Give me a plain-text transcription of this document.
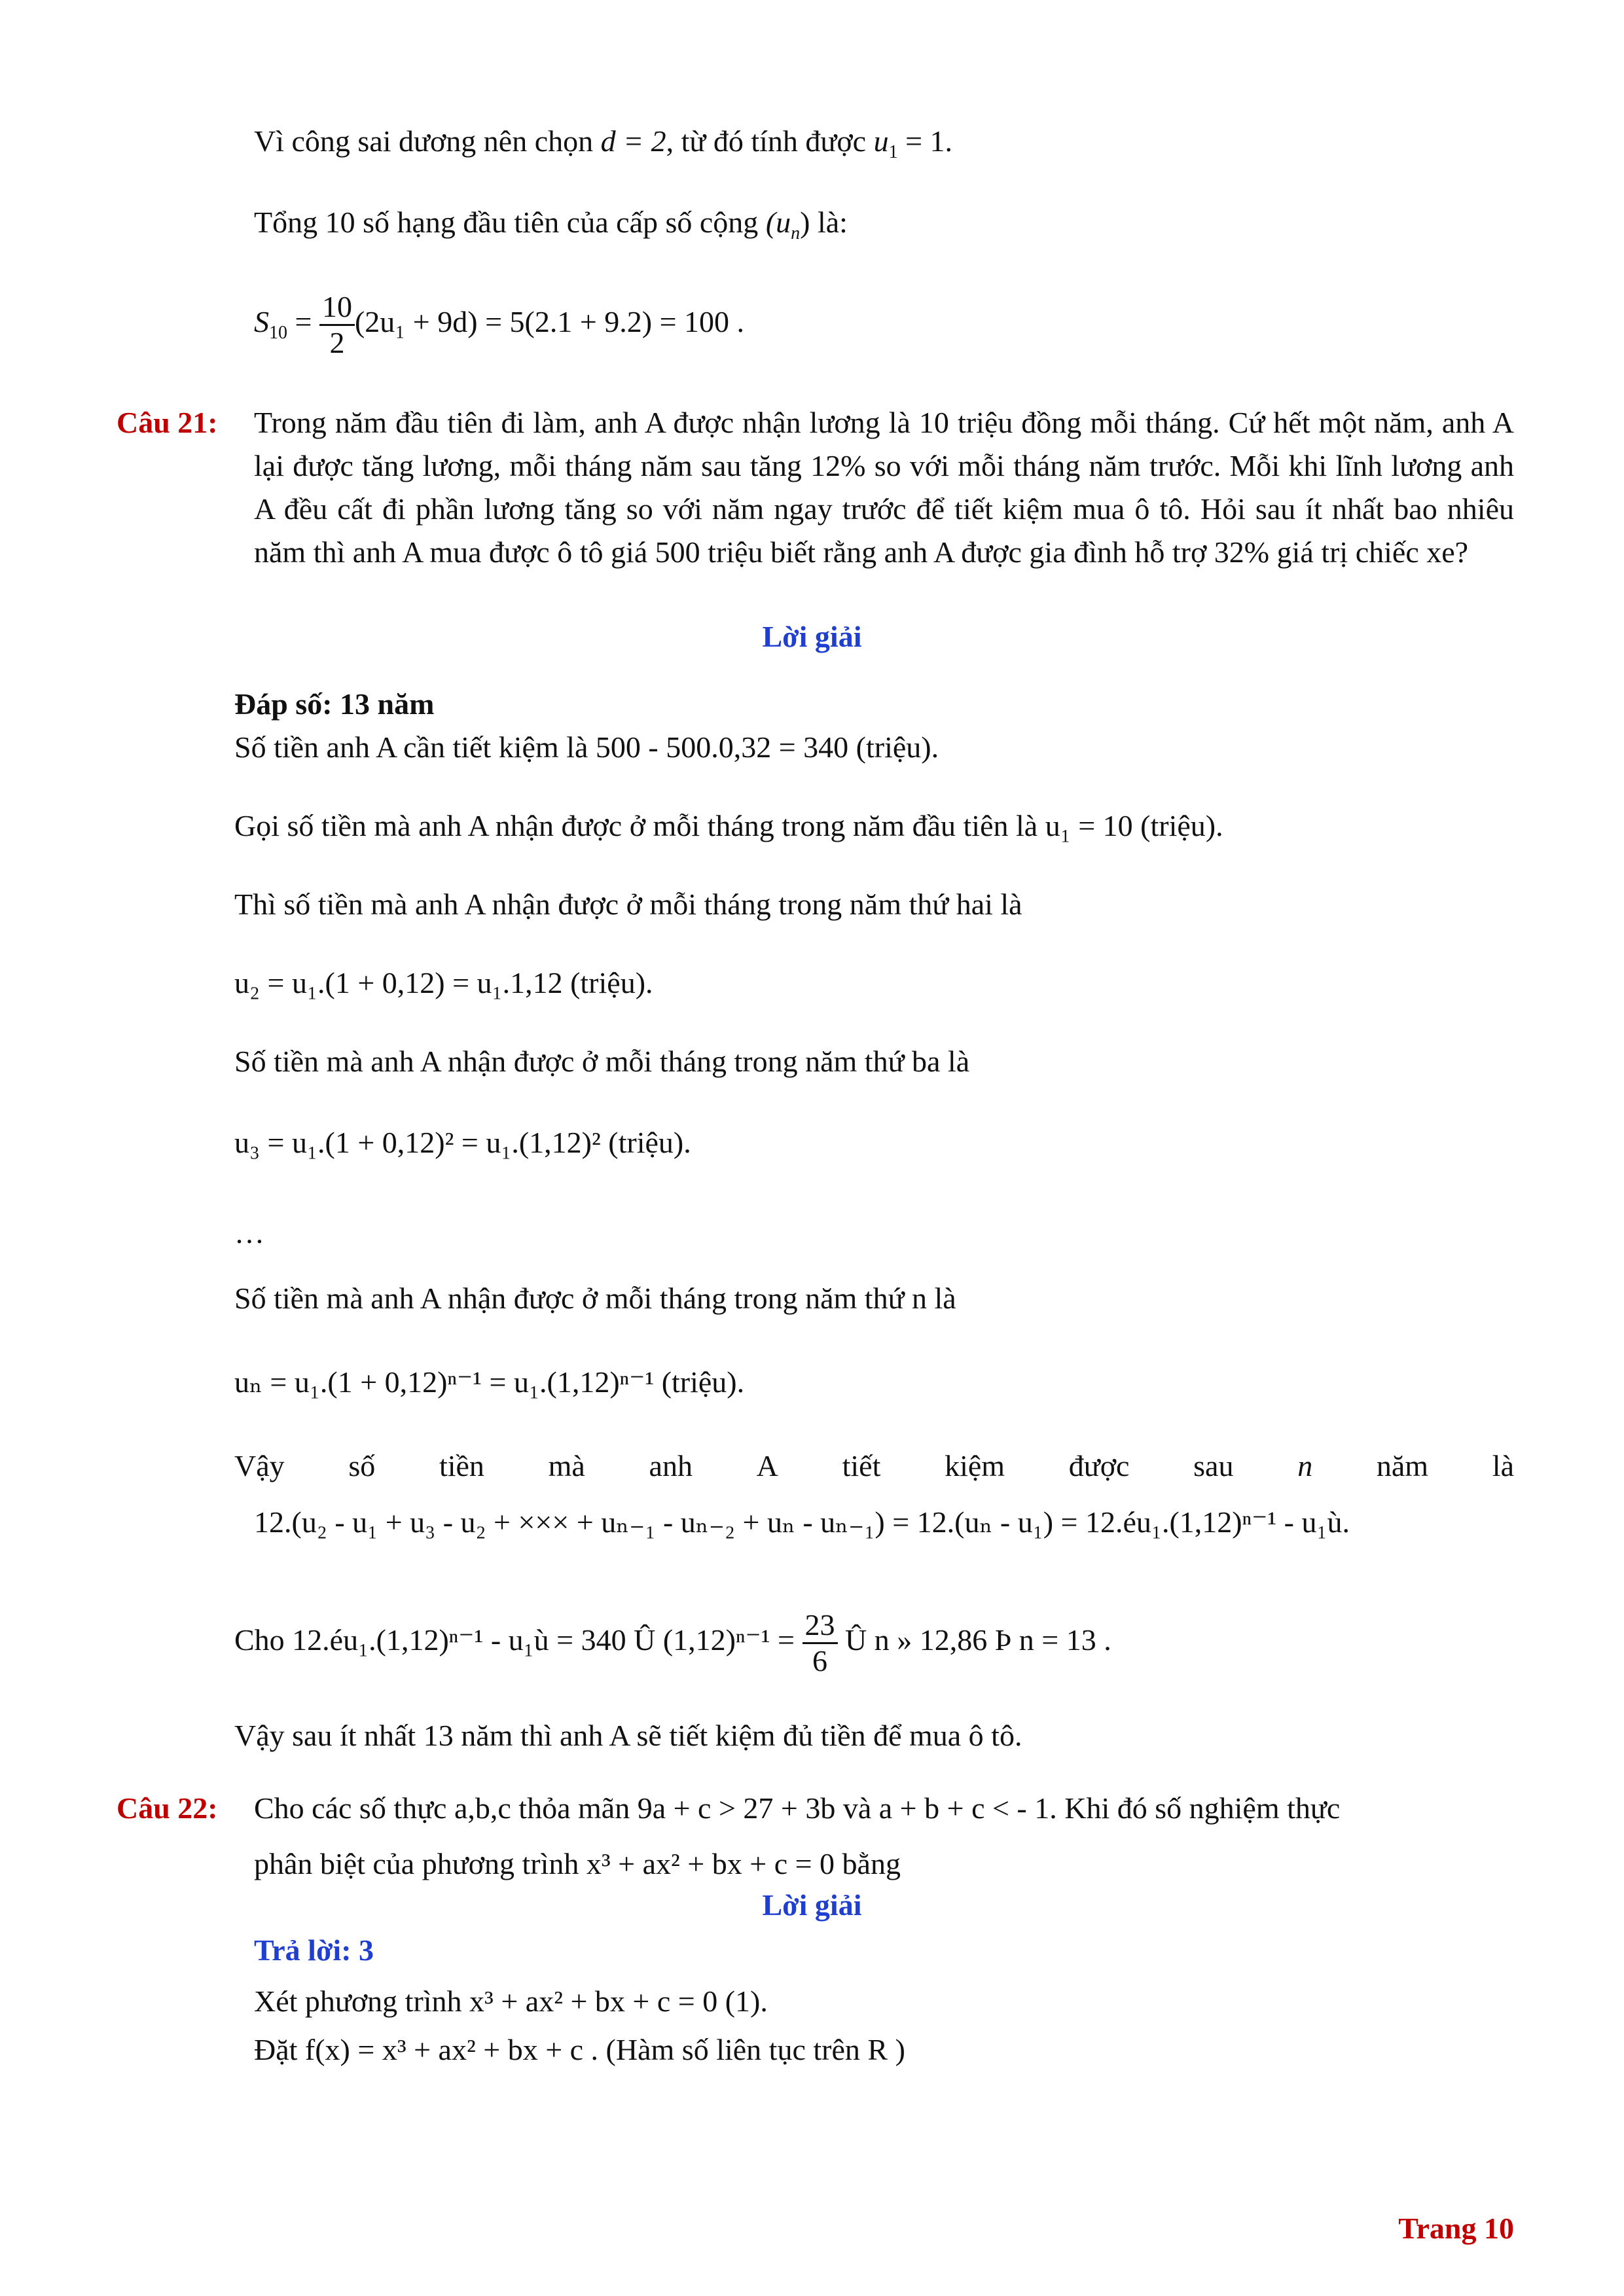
Vì công sai dương nên chọn d = 2, từ đó tính được $u_1 = 1$.
Tổng 10 số hạng đầu tiên của cấp số cộng $(u_n)$ là:
$S_{10} = \frac{10}{2} (2u_1 + 9d) = 5(2.1 + 9.2) = 100$ .
Câu 21: Trong năm đầu tiên đi làm, anh A được nhận lương là 10 triệu đồng mỗi tháng. Cứ hết một năm, anh A lại được tăng lương, mỗi tháng năm sau tăng 12% so với mỗi tháng năm trước. Mỗi khi lĩnh lương anh A đều cất đi phần lương tăng so với năm ngay trước để tiết kiệm mua ô tô. Hỏi sau ít nhất bao nhiêu năm thì anh A mua được ô tô giá 500 triệu biết rằng anh A được gia đình hỗ trợ 32% giá trị chiếc xe?
Lời giải
Đáp số: 13 năm
Số tiền anh A cần tiết kiệm là 500 - 500.0,32 = 340 (triệu).
Gọi số tiền mà anh A nhận được ở mỗi tháng trong năm đầu tiên là u₁ = 10 (triệu).
Thì số tiền mà anh A nhận được ở mỗi tháng trong năm thứ hai là
u₂ = u₁.(1 + 0,12) = u₁.1,12 (triệu).
Số tiền mà anh A nhận được ở mỗi tháng trong năm thứ ba là
u₃ = u₁.(1 + 0,12)² = u₁.(1,12)² (triệu).
…
Số tiền mà anh A nhận được ở mỗi tháng trong năm thứ n là
uₙ = u₁.(1 + 0,12)ⁿ⁻¹ = u₁.(1,12)ⁿ⁻¹ (triệu).
Vậy số tiền mà anh A tiết kiệm được sau n năm là
12.(u₂ - u₁ + u₃ - u₂ + ××× + uₙ₋₁ - uₙ₋₂ + uₙ - uₙ₋₁) = 12.(uₙ - u₁) = 12.éu₁.(1,12)ⁿ⁻¹ - u₁ù.
Cho 12.éu₁.(1,12)ⁿ⁻¹ - u₁ù = 340 Û $(1,12)^{n-1} = \frac{23}{6}$ Û n » 12,86 Þ n = 13 .
Vậy sau ít nhất 13 năm thì anh A sẽ tiết kiệm đủ tiền để mua ô tô.
Câu 22: Cho các số thực a,b,c thỏa mãn 9a + c > 27 + 3b và a + b + c < - 1. Khi đó số nghiệm thực
phân biệt của phương trình x³ + ax² + bx + c = 0 bằng
Lời giải
Trả lời: 3
Xét phương trình x³ + ax² + bx + c = 0 (1).
Đặt f(x) = x³ + ax² + bx + c . (Hàm số liên tục trên R )
Trang 10
